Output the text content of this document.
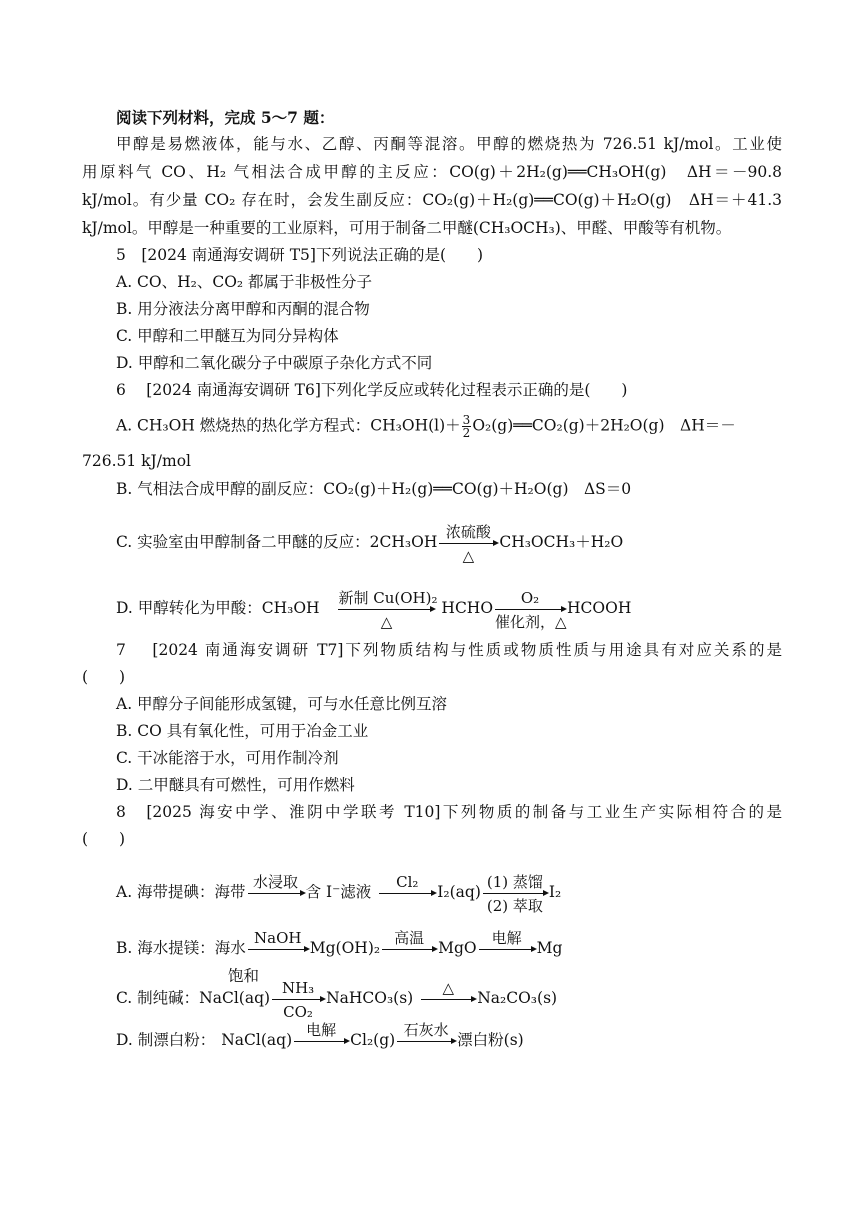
阅读下列材料，完成 5～7 题：
甲醇是易燃液体，能与水、乙醇、丙酮等混溶。甲醇的燃烧热为 726.51 kJ/mol。工业使
用原料气 CO、H₂ 气相法合成甲醇的主反应：CO(g)＋2H₂(g)══CH₃OH(g)　ΔH＝－90.8
kJ/mol。有少量 CO₂ 存在时，会发生副反应：CO₂(g)＋H₂(g)══CO(g)＋H₂O(g)　ΔH＝＋41.3
kJ/mol。甲醇是一种重要的工业原料，可用于制备二甲醚(CH₃OCH₃)、甲醛、甲酸等有机物。
5　[2024 南通海安调研 T5]下列说法正确的是(　　)
A. CO、H₂、CO₂ 都属于非极性分子
B. 用分液法分离甲醇和丙酮的混合物
C. 甲醇和二甲醚互为同分异构体
D. 甲醇和二氧化碳分子中碳原子杂化方式不同
6　 [2024 南通海安调研 T6]下列化学反应或转化过程表示正确的是(　　)
A. CH₃OH 燃烧热的热化学方程式：$CH_3OH(l)+ \frac{3}{2}$ O₂(g)══CO₂(g)＋2H₂O(g)　ΔH＝－
726.51 kJ/mol
B. 气相法合成甲醇的副反应：CO₂(g)＋H₂(g)══CO(g)＋H₂O(g)　ΔS＝0
C. 实验室由甲醇制备二甲醚的反应：2CH₃OH
浓硫酸
△
CH₃OCH₃＋H₂O
D. 甲醇转化为甲酸：CH₃OH
新制 Cu(OH)₂
△
HCHO
O₂
催化剂，△
HCOOH
7　 [2024 南通海安调研 T7]下列物质结构与性质或物质性质与用途具有对应关系的是
(　　)
A. 甲醇分子间能形成氢键，可与水任意比例互溶
B. CO 具有氧化性，可用于冶金工业
C. 干冰能溶于水，可用作制冷剂
D. 二甲醚具有可燃性，可用作燃料
8　[2025 海安中学、淮阴中学联考 T10]下列物质的制备与工业生产实际相符合的是
(　　)
A. 海带提碘：海带
水浸取
含 I⁻滤液
Cl₂
I₂(aq)
(1) 蒸馏
(2) 萃取
I₂
B. 海水提镁：海水
NaOH
Mg(OH)₂
高温
MgO
电解
Mg
饱和
C. 制纯碱：NaCl(aq) $\frac{\text{NH₃}}{\text{CO₂}}$ NaHCO₃(s)
△
Na₂CO₃(s)
D. 制漂白粉： NaCl(aq)
电解
Cl₂(g)
石灰水
漂白粉(s)
